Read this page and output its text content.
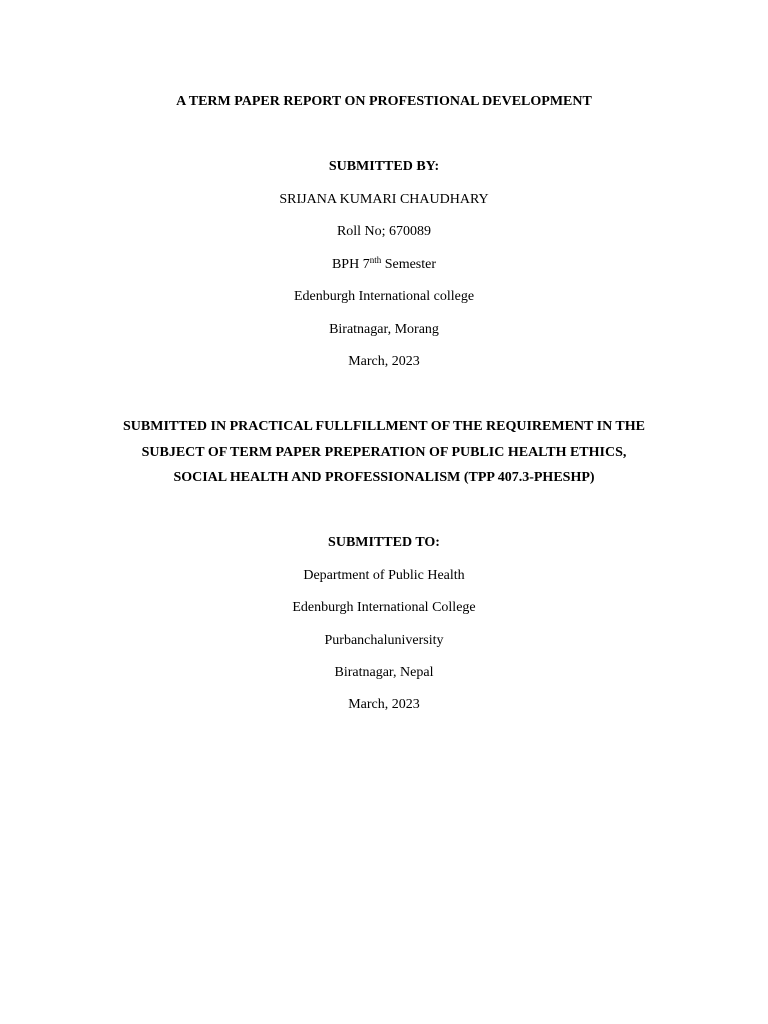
A TERM PAPER REPORT ON PROFESTIONAL DEVELOPMENT
SUBMITTED BY:
SRIJANA KUMARI CHAUDHARY
Roll No; 670089
BPH $7^{nth}$ Semester
Edenburgh International college
Biratnagar, Morang
March, 2023
SUBMITTED IN PRACTICAL FULLFILLMENT OF THE REQUIREMENT IN THE
SUBJECT OF TERM PAPER PREPERATION OF PUBLIC HEALTH ETHICS,
SOCIAL HEALTH AND PROFESSIONALISM (TPP 407.3-PHESHP)
SUBMITTED TO:
Department of Public Health
Edenburgh International College
Purbanchaluniversity
Biratnagar, Nepal
March, 2023
